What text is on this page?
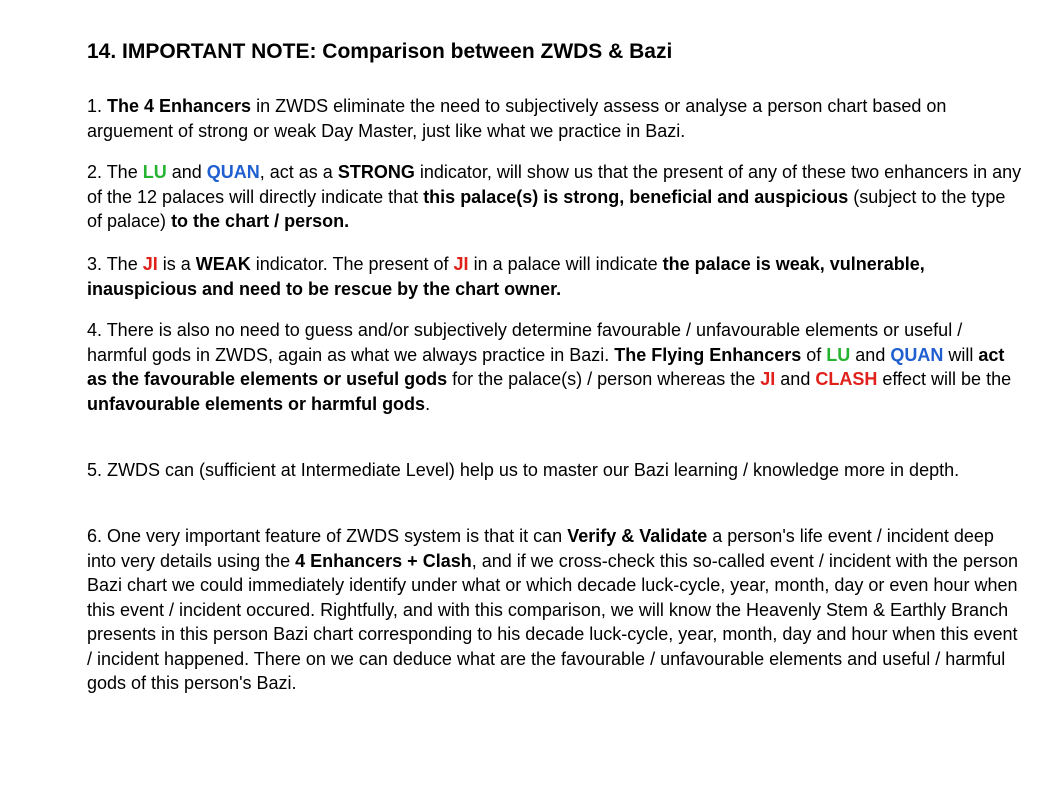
14. IMPORTANT NOTE: Comparison between ZWDS & Bazi
1. The 4 Enhancers in ZWDS eliminate the need to subjectively assess or analyse a person chart based on arguement of strong or weak Day Master, just like what we practice in Bazi.
2. The LU and QUAN, act as a STRONG indicator, will show us that the present of any of these two enhancers in any of the 12 palaces will directly indicate that this palace(s) is strong, beneficial and auspicious (subject to the type of palace) to the chart / person.
3. The JI is a WEAK indicator. The present of JI in a palace will indicate the palace is weak, vulnerable, inauspicious and need to be rescue by the chart owner.
4. There is also no need to guess and/or subjectively determine favourable / unfavourable elements or useful / harmful gods in ZWDS, again as what we always practice in Bazi. The Flying Enhancers of LU and QUAN will act as the favourable elements or useful gods for the palace(s) / person whereas the JI and CLASH effect will be the unfavourable elements or harmful gods.
5. ZWDS can (sufficient at Intermediate Level) help us to master our Bazi learning / knowledge more in depth.
6. One very important feature of ZWDS system is that it can Verify & Validate a person's life event / incident deep into very details using the 4 Enhancers + Clash, and if we cross-check this so-called event / incident with the person Bazi chart we could immediately identify under what or which decade luck-cycle, year, month, day or even hour when this event / incident occured. Rightfully, and with this comparison, we will know the Heavenly Stem & Earthly Branch presents in this person Bazi chart corresponding to his decade luck-cycle, year, month, day and hour when this event / incident happened. There on we can deduce what are the favourable / unfavourable elements and useful / harmful gods of this person's Bazi.
